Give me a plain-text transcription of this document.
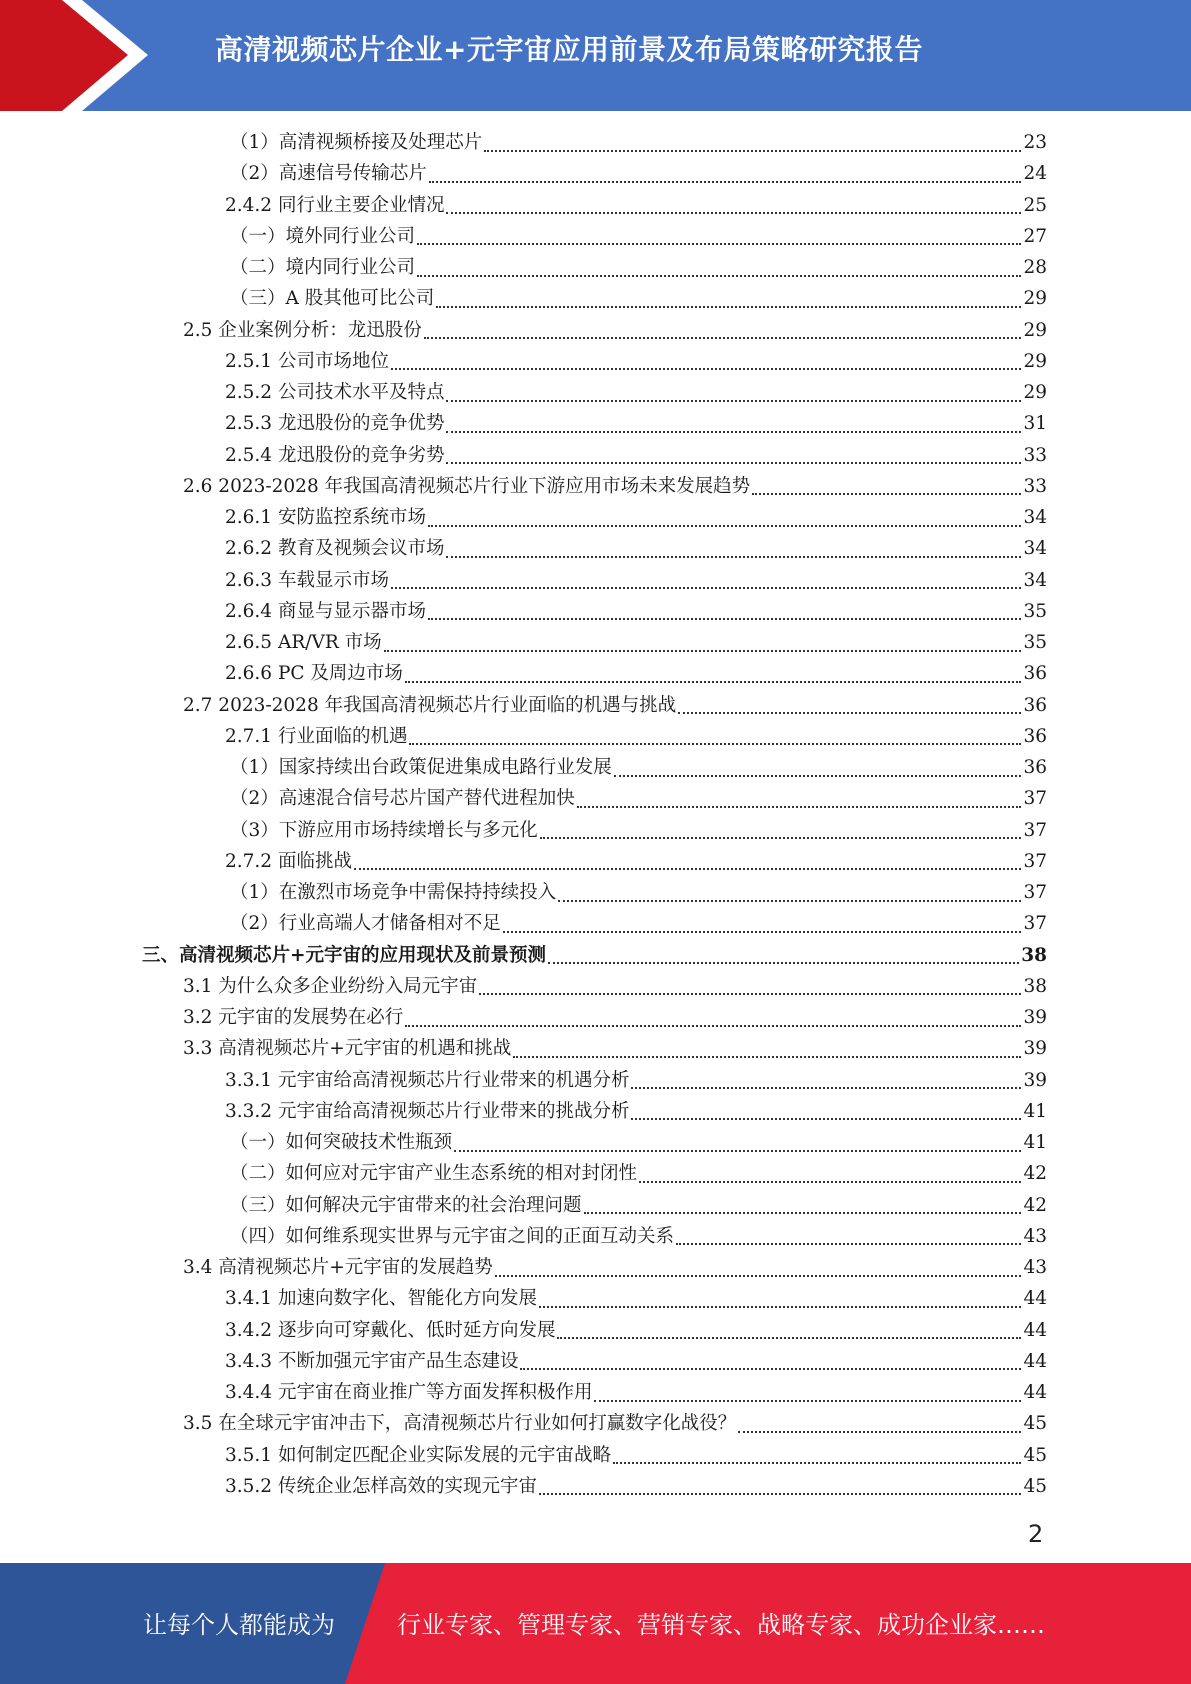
高清视频芯片企业+元宇宙应用前景及布局策略研究报告
（1）高清视频桥接及处理芯片	23
（2）高速信号传输芯片	24
2.4.2 同行业主要企业情况	25
（一）境外同行业公司	27
（二）境内同行业公司	28
（三）A 股其他可比公司	29
2.5 企业案例分析：龙迅股份	29
2.5.1 公司市场地位	29
2.5.2 公司技术水平及特点	29
2.5.3 龙迅股份的竞争优势	31
2.5.4 龙迅股份的竞争劣势	33
2.6 2023-2028 年我国高清视频芯片行业下游应用市场未来发展趋势	33
2.6.1 安防监控系统市场	34
2.6.2 教育及视频会议市场	34
2.6.3 车载显示市场	34
2.6.4 商显与显示器市场	35
2.6.5 AR/VR 市场	35
2.6.6 PC 及周边市场	36
2.7 2023-2028 年我国高清视频芯片行业面临的机遇与挑战	36
2.7.1 行业面临的机遇	36
（1）国家持续出台政策促进集成电路行业发展	36
（2）高速混合信号芯片国产替代进程加快	37
（3）下游应用市场持续增长与多元化	37
2.7.2 面临挑战	37
（1）在激烈市场竞争中需保持持续投入	37
（2）行业高端人才储备相对不足	37
三、高清视频芯片+元宇宙的应用现状及前景预测	38
3.1 为什么众多企业纷纷入局元宇宙	38
3.2 元宇宙的发展势在必行	39
3.3 高清视频芯片+元宇宙的机遇和挑战	39
3.3.1 元宇宙给高清视频芯片行业带来的机遇分析	39
3.3.2 元宇宙给高清视频芯片行业带来的挑战分析	41
（一）如何突破技术性瓶颈	41
（二）如何应对元宇宙产业生态系统的相对封闭性	42
（三）如何解决元宇宙带来的社会治理问题	42
（四）如何维系现实世界与元宇宙之间的正面互动关系	43
3.4 高清视频芯片+元宇宙的发展趋势	43
3.4.1 加速向数字化、智能化方向发展	44
3.4.2 逐步向可穿戴化、低时延方向发展	44
3.4.3 不断加强元宇宙产品生态建设	44
3.4.4 元宇宙在商业推广等方面发挥积极作用	44
3.5 在全球元宇宙冲击下，高清视频芯片行业如何打赢数字化战役？	45
3.5.1 如何制定匹配企业实际发展的元宇宙战略	45
3.5.2 传统企业怎样高效的实现元宇宙	45
2
让每个人都能成为	行业专家、管理专家、营销专家、战略专家、成功企业家……
